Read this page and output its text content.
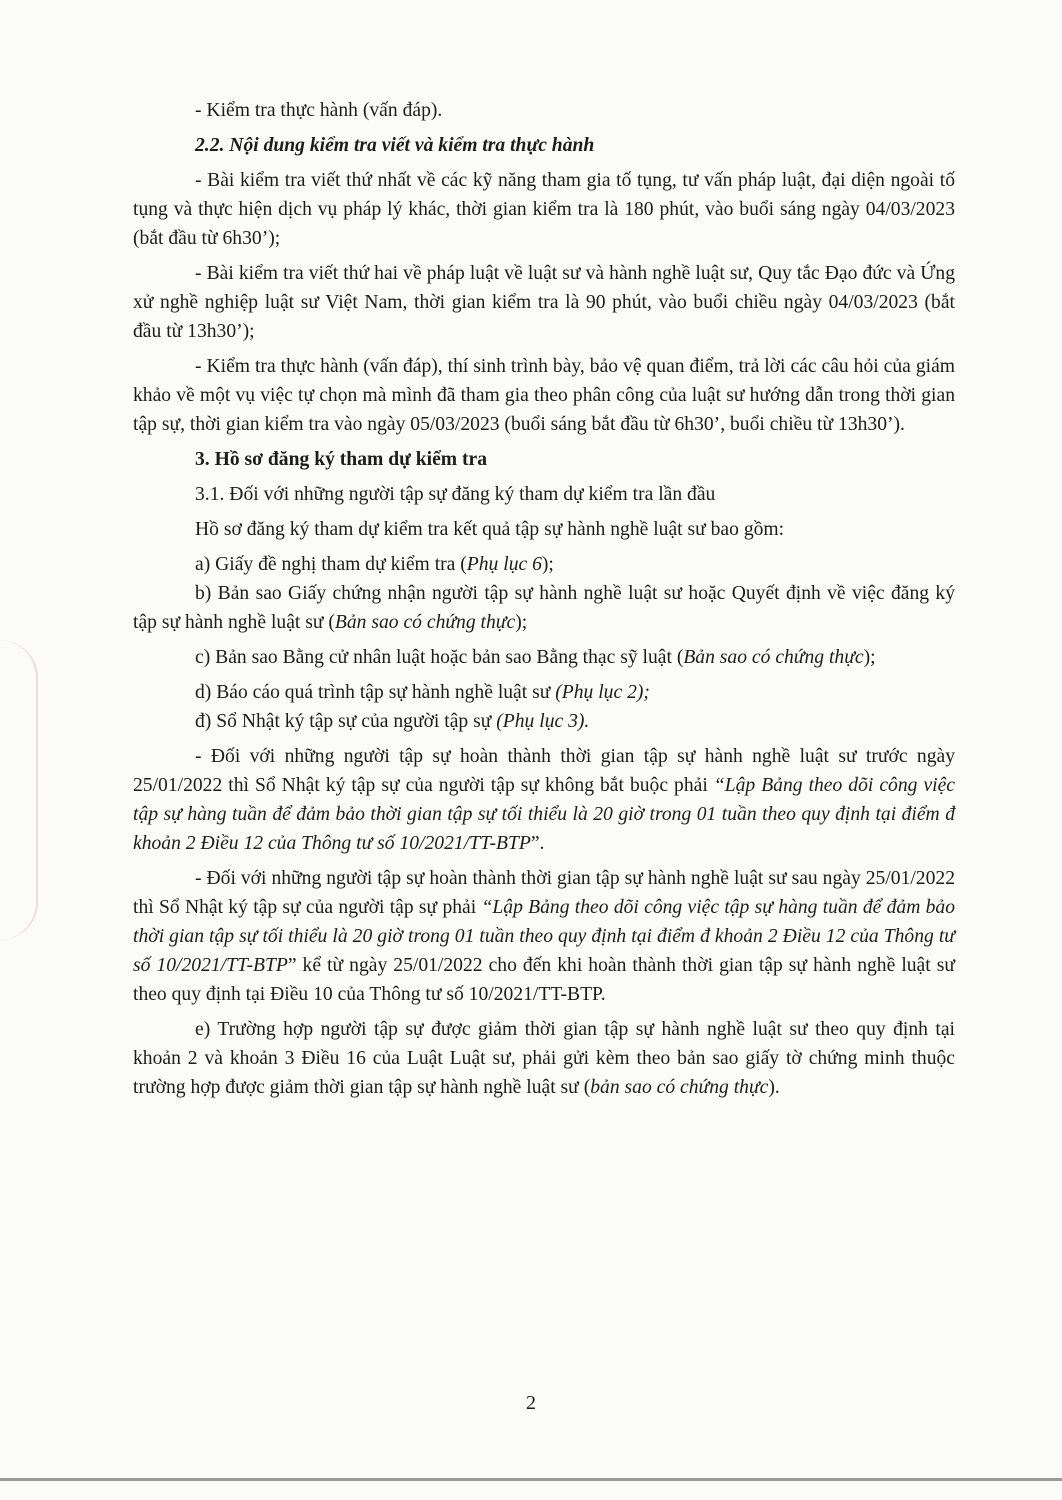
- Kiểm tra thực hành (vấn đáp).

2.2. Nội dung kiểm tra viết và kiểm tra thực hành

- Bài kiểm tra viết thứ nhất về các kỹ năng tham gia tố tụng, tư vấn pháp luật, đại diện ngoài tố tụng và thực hiện dịch vụ pháp lý khác, thời gian kiểm tra là 180 phút, vào buổi sáng ngày 04/03/2023 (bắt đầu từ 6h30’);

- Bài kiểm tra viết thứ hai về pháp luật về luật sư và hành nghề luật sư, Quy tắc Đạo đức và Ứng xử nghề nghiệp luật sư Việt Nam, thời gian kiểm tra là 90 phút, vào buổi chiều ngày 04/03/2023 (bắt đầu từ 13h30’);

- Kiểm tra thực hành (vấn đáp), thí sinh trình bày, bảo vệ quan điểm, trả lời các câu hỏi của giám khảo về một vụ việc tự chọn mà mình đã tham gia theo phân công của luật sư hướng dẫn trong thời gian tập sự, thời gian kiểm tra vào ngày 05/03/2023 (buổi sáng bắt đầu từ 6h30’, buổi chiều từ 13h30’).

3. Hồ sơ đăng ký tham dự kiểm tra

3.1. Đối với những người tập sự đăng ký tham dự kiểm tra lần đầu

Hồ sơ đăng ký tham dự kiểm tra kết quả tập sự hành nghề luật sư bao gồm:

a) Giấy đề nghị tham dự kiểm tra (Phụ lục 6);

b) Bản sao Giấy chứng nhận người tập sự hành nghề luật sư hoặc Quyết định về việc đăng ký tập sự hành nghề luật sư (Bản sao có chứng thực);

c) Bản sao Bằng cử nhân luật hoặc bản sao Bằng thạc sỹ luật (Bản sao có chứng thực);

d) Báo cáo quá trình tập sự hành nghề luật sư (Phụ lục 2);

đ) Sổ Nhật ký tập sự của người tập sự (Phụ lục 3).

- Đối với những người tập sự hoàn thành thời gian tập sự hành nghề luật sư trước ngày 25/01/2022 thì Sổ Nhật ký tập sự của người tập sự không bắt buộc phải “Lập Bảng theo dõi công việc tập sự hàng tuần để đảm bảo thời gian tập sự tối thiểu là 20 giờ trong 01 tuần theo quy định tại điểm đ khoản 2 Điều 12 của Thông tư số 10/2021/TT-BTP”.

- Đối với những người tập sự hoàn thành thời gian tập sự hành nghề luật sư sau ngày 25/01/2022 thì Sổ Nhật ký tập sự của người tập sự phải “Lập Bảng theo dõi công việc tập sự hàng tuần để đảm bảo thời gian tập sự tối thiểu là 20 giờ trong 01 tuần theo quy định tại điểm đ khoản 2 Điều 12 của Thông tư số 10/2021/TT-BTP” kể từ ngày 25/01/2022 cho đến khi hoàn thành thời gian tập sự hành nghề luật sư theo quy định tại Điều 10 của Thông tư số 10/2021/TT-BTP.

e) Trường hợp người tập sự được giảm thời gian tập sự hành nghề luật sư theo quy định tại khoản 2 và khoản 3 Điều 16 của Luật Luật sư, phải gửi kèm theo bản sao giấy tờ chứng minh thuộc trường hợp được giảm thời gian tập sự hành nghề luật sư (bản sao có chứng thực).

2
